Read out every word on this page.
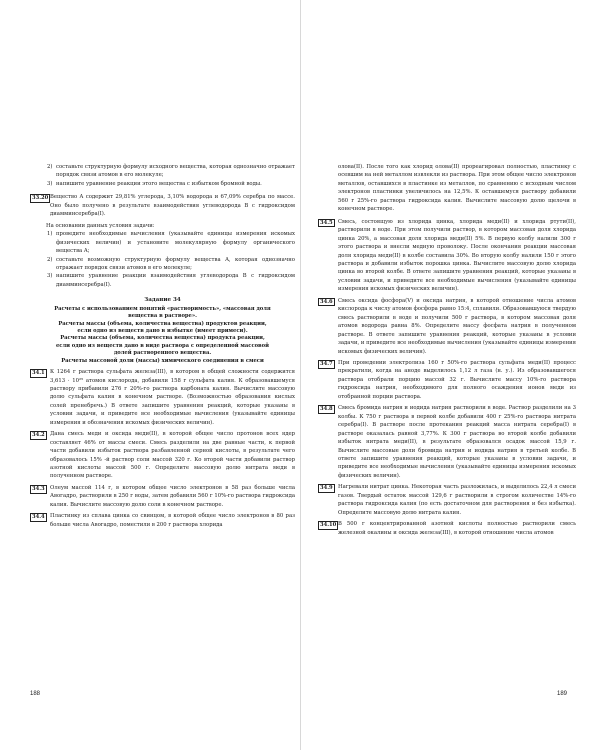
2) составьте структурную формулу исходного вещества, которая однозначно отражает порядок связи атомов в его молекуле;
3) напишите уравнение реакции этого вещества с избытком бромной воды.
33.20 Вещество A содержит 29,81% углерода, 3,10% водорода и 67,09% серебра по массе. Оно было получено в результате взаимодействия углеводорода B с гидроксидом диамминсеребра(I).
На основании данных условия задачи:
1) проведите необходимые вычисления (указывайте единицы измерения искомых физических величин) и установите молекулярную формулу органического вещества A;
2) составьте возможную структурную формулу вещества A, которая однозначно отражает порядок связи атомов в его молекуле;
3) напишите уравнение реакции взаимодействия углеводорода B с гидроксидом диамминсеребра(I).
Задание 34
Расчеты с использованием понятий «растворимость», «массовая доля
вещества в растворе».
Расчеты массы (объема, количества вещества) продуктов реакции,
если одно из веществ дано в избытке (имеет примеси).
Расчеты массы (объема, количества вещества) продукта реакции,
если одно из веществ дано в виде раствора с определенной массовой
долей растворенного вещества.
Расчеты массовой доли (массы) химического соединения в смеси
34.1 К 1264 г раствора сульфата железа(III), в котором в общей сложности содержится 3,613 · 10²⁵ атомов кислорода, добавили 158 г сульфата калия. К образовавшемуся раствору прибавили 276 г 20%-го раствора карбоната калия. Вычислите массовую долю сульфата калия в конечном растворе. (Возможностью образования кислых солей пренебречь.) В ответе запишите уравнения реакций, которые указаны в условии задачи, и приведите все необходимые вычисления (указывайте единицы измерения и обозначения искомых физических величин).
34.2 Дана смесь меди и оксида меди(II), в которой общее число протонов всех ядер составляет 46% от массы смеси. Смесь разделили на две равные части, к первой части добавили избыток раствора разбавленной серной кислоты, в результате чего образовалось 15% -й раствор соли массой 320 г. Ко второй части добавили раствор азотной кислоты массой 500 г. Определите массовую долю нитрата меди в полученном растворе.
34.3 Олеум массой 114 г, в котором общее число электронов в 58 раз больше числа Авогадро, растворили в 250 г воды, затем добавили 560 г 10%-го раствора гидроксида калия. Вычислите массовую долю соли в конечном растворе.
34.4 Пластинку из сплава цинка со свинцом, в которой общее число электронов в 80 раз больше числа Авогадро, поместили в 200 г раствора хлорида
188
олова(II). После того как хлорид олова(II) прореагировал полностью, пластинку с осевшим на ней металлом извлекли из раствора. При этом общее число электронов металлов, оставшихся в пластинке из металлов, по сравнению с исходным числом электронов пластинки увеличилось на 12,5%. К оставшемуся раствору добавили 560 г 25%-го раствора гидроксида калия. Вычислите массовую долю щелочи в конечном растворе.
34.5 Смесь, состоящую из хлорида цинка, хлорида меди(II) и хлорида ртути(II), растворили в воде. При этом получили раствор, в котором массовая доля хлорида цинка 20%, а массовая доля хлорида меди(II) 5%. В первую колбу налили 300 г этого раствора и внесли медную проволоку. После окончания реакции массовая доля хлорида меди(II) в колбе составила 30%. Во вторую колбу налили 150 г этого раствора и добавили избыток порошка цинка. Вычислите массовую долю хлорида цинка во второй колбе. В ответе запишите уравнения реакций, которые указаны в условии задачи, и приведите все необходимые вычисления (указывайте единицы измерения искомых физических величин).
34.6 Смесь оксида фосфора(V) и оксида натрия, в которой отношение числа атомов кислорода к числу атомов фосфора равно 15:4, сплавили. Образовавшуюся твердую смесь растворили в воде и получили 500 г раствора, в котором массовая доля атомов водорода равна 8%. Определите массу фосфата натрия в полученном растворе. В ответе запишите уравнения реакций, которые указаны в условии задачи, и приведите все необходимые вычисления (указывайте единицы измерения искомых физических величин).
34.7 При проведении электролиза 160 г 50%-го раствора сульфата меди(II) процесс прекратили, когда на аноде выделилось 1,12 л газа (н. у.). Из образовавшегося раствора отобрали порцию массой 32 г. Вычислите массу 10%-го раствора гидроксида натрия, необходимого для полного осаждения ионов меди из отобранной порции раствора.
34.8 Смесь бромида натрия и иодида натрия растворили в воде. Раствор разделили на 3 колбы. К 750 г раствора в первой колбе добавили 400 г 25%-го раствора нитрата серебра(I). В растворе после протекания реакций масса нитрата серебра(I) в растворе оказалась равной 3,77%. К 300 г раствора во второй колбе добавили избыток нитрата меди(II), в результате образовался осадок массой 15,9 г. Вычислите массовые доли бромида натрия и иодида натрия в третьей колбе. В ответе запишите уравнения реакций, которые указаны в условии задачи, и приведите все необходимые вычисления (указывайте единицы измерения искомых физических величин).
34.9 Нагревали нитрат цинка. Некоторая часть разложилась, и выделилось 22,4 л смеси газов. Твердый остаток массой 129,6 г растворили в строгом количестве 14%-го раствора гидроксида калия (по есть достаточном для растворения и без избытка). Определите массовую долю нитрата калия.
34.10 В 500 г концентрированной азотной кислоты полностью растворили смесь железной окалины и оксида железа(III), в которой отношение числа атомов
189
